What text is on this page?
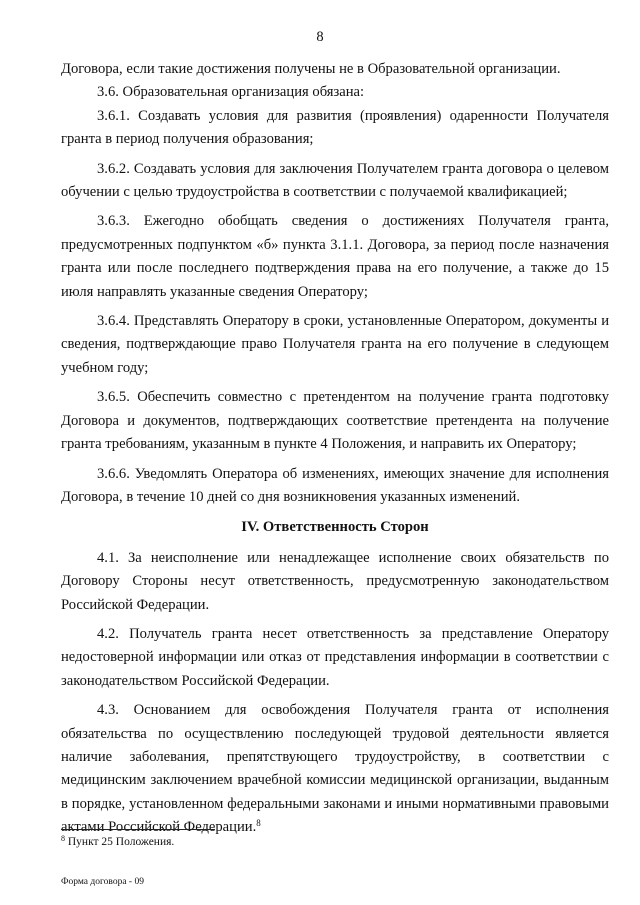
8

Договора, если такие достижения получены не в Образовательной организации.

3.6. Образовательная организация обязана:

3.6.1. Создавать условия для развития (проявления) одаренности Получателя гранта в период получения образования;

3.6.2. Создавать условия для заключения Получателем гранта договора о целевом обучении с целью трудоустройства в соответствии с получаемой квалификацией;

3.6.3. Ежегодно обобщать сведения о достижениях Получателя гранта, предусмотренных подпунктом «б» пункта 3.1.1. Договора, за период после назначения гранта или после последнего подтверждения права на его получение, а также до 15 июля направлять указанные сведения Оператору;

3.6.4. Представлять Оператору в сроки, установленные Оператором, документы и сведения, подтверждающие право Получателя гранта на его получение в следующем учебном году;

3.6.5. Обеспечить совместно с претендентом на получение гранта подготовку Договора и документов, подтверждающих соответствие претендента на получение гранта требованиям, указанным в пункте 4 Положения, и направить их Оператору;

3.6.6. Уведомлять Оператора об изменениях, имеющих значение для исполнения Договора, в течение 10 дней со дня возникновения указанных изменений.

IV. Ответственность Сторон

4.1. За неисполнение или ненадлежащее исполнение своих обязательств по Договору Стороны несут ответственность, предусмотренную законодательством Российской Федерации.

4.2. Получатель гранта несет ответственность за представление Оператору недостоверной информации или отказ от представления информации в соответствии с законодательством Российской Федерации.

4.3. Основанием для освобождения Получателя гранта от исполнения обязательства по осуществлению последующей трудовой деятельности является наличие заболевания, препятствующего трудоустройству, в соответствии с медицинским заключением врачебной комиссии медицинской организации, выданным в порядке, установленном федеральными законами и иными нормативными правовыми актами Российской Федерации.$^8$

$^8$ Пункт 25 Положения.
Форма договора - 09
